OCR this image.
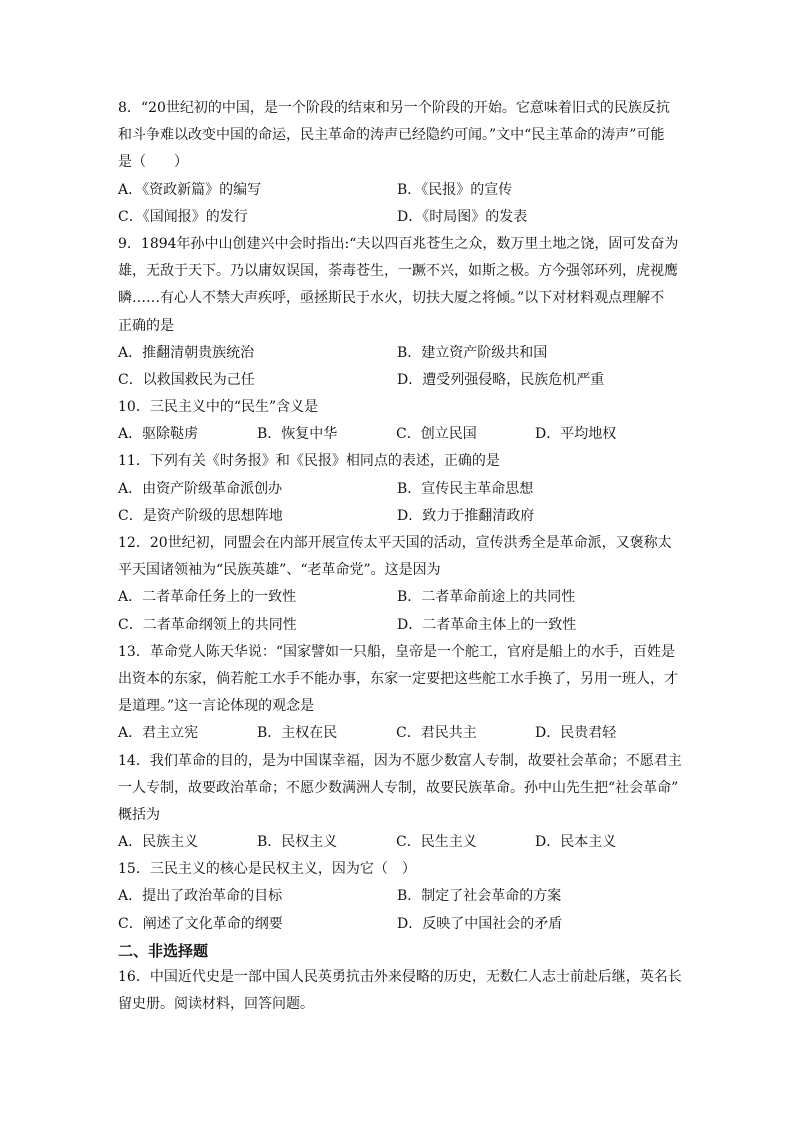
8．“20世纪初的中国，是一个阶段的结束和另一个阶段的开始。它意味着旧式的民族反抗
和斗争难以改变中国的命运，民主革命的涛声已经隐约可闻。”文中“民主革命的涛声”可能
是（　　）
A．《资政新篇》的编写	B．《民报》的宣传
C．《国闻报》的发行	D．《时局图》的发表
9．1894年孙中山创建兴中会时指出:“夫以四百兆苍生之众，数万里土地之饶，固可发奋为
雄，无敌于天下。乃以庸奴误国，荼毒苍生，一蹶不兴，如斯之极。方今强邻环列，虎视鹰
瞵……有心人不禁大声疾呼，亟拯斯民于水火，切扶大厦之将倾。”以下对材料观点理解不
正确的是
A．推翻清朝贵族统治	B．建立资产阶级共和国
C．以救国救民为己任	D．遭受列强侵略，民族危机严重
10．三民主义中的“民生”含义是
A．驱除鞑虏	B．恢复中华	C．创立民国	D．平均地权
11．下列有关《时务报》和《民报》相同点的表述，正确的是
A．由资产阶级革命派创办	B．宣传民主革命思想
C．是资产阶级的思想阵地	D．致力于推翻清政府
12．20世纪初，同盟会在内部开展宣传太平天国的活动，宣传洪秀全是革命派，又褒称太
平天国诸领袖为“民族英雄”、“老革命党”。这是因为
A．二者革命任务上的一致性	B．二者革命前途上的共同性
C．二者革命纲领上的共同性	D．二者革命主体上的一致性
13．革命党人陈天华说：“国家譬如一只船，皇帝是一个舵工，官府是船上的水手，百姓是
出资本的东家，倘若舵工水手不能办事，东家一定要把这些舵工水手换了，另用一班人，才
是道理。”这一言论体现的观念是
A．君主立宪	B．主权在民	C．君民共主	D．民贵君轻
14．我们革命的目的，是为中国谋幸福，因为不愿少数富人专制，故要社会革命；不愿君主
一人专制，故要政治革命；不愿少数满洲人专制，故要民族革命。孙中山先生把“社会革命”
概括为
A．民族主义	B．民权主义	C．民生主义	D．民本主义
15．三民主义的核心是民权主义，因为它（　）
A．提出了政治革命的目标	B．制定了社会革命的方案
C．阐述了文化革命的纲要	D．反映了中国社会的矛盾
二、非选择题
16．中国近代史是一部中国人民英勇抗击外来侵略的历史，无数仁人志士前赴后继，英名长
留史册。阅读材料，回答问题。
